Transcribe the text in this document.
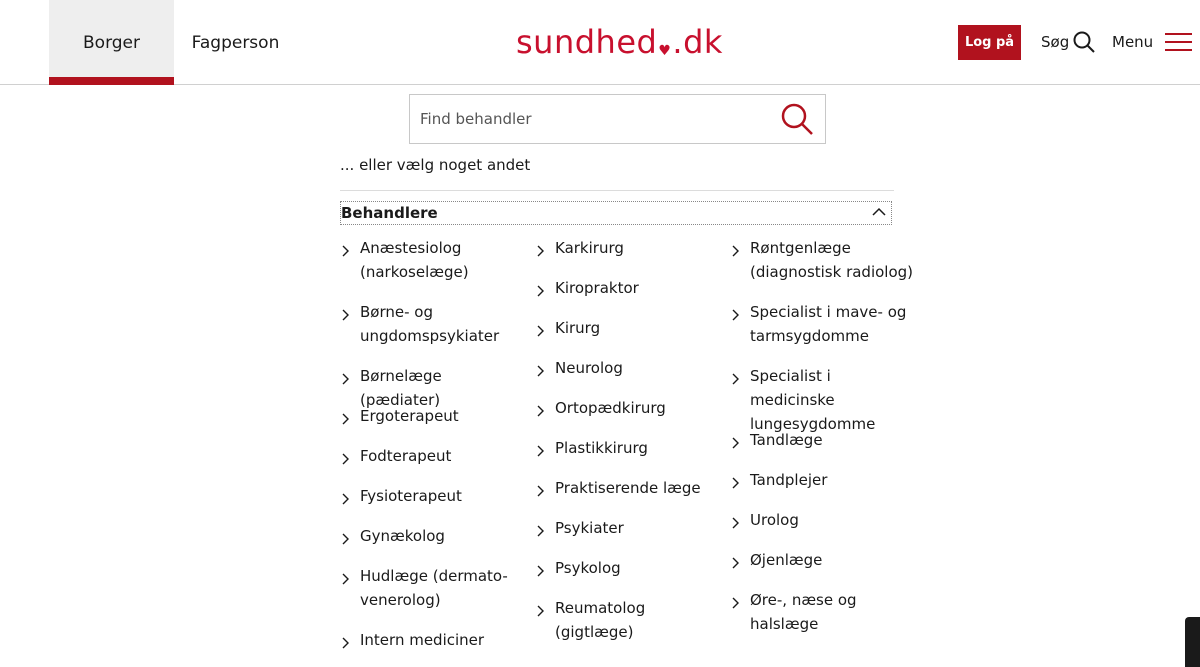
Borger	Fagperson	sundhed ♥ .dk	Log på	Søg	Menu
Find behandler
... eller vælg noget andet
Behandlere
Anæstesiolog (narkoselæge)
Børne- og ungdomspsykiater
Børnelæge (pædiater)
Ergoterapeut
Fodterapeut
Fysioterapeut
Gynækolog
Hudlæge (dermato-venerolog)
Intern mediciner
Karkirurg
Kiropraktor
Kirurg
Neurolog
Ortopædkirurg
Plastikkirurg
Praktiserende læge
Psykiater
Psykolog
Reumatolog (gigtlæge)
Røntgenlæge (diagnostisk radiolog)
Specialist i mave- og tarmsygdomme
Specialist i medicinske lungesygdomme
Tandlæge
Tandplejer
Urolog
Øjenlæge
Øre-, næse og halslæge
